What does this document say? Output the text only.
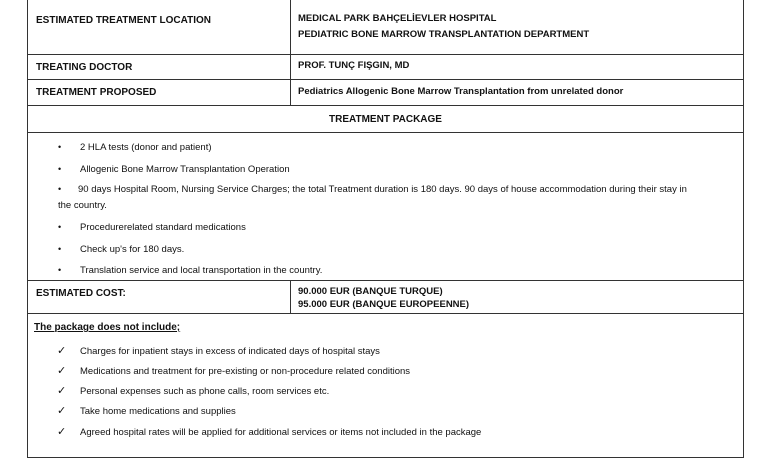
ESTIMATED TREATMENT LOCATION	MEDICAL PARK BAHÇELİEVLER HOSPITAL
PEDIATRIC BONE MARROW TRANSPLANTATION DEPARTMENT
TREATING DOCTOR	PROF. TUNÇ FIŞGIN, MD
TREATMENT PROPOSED	Pediatrics Allogenic Bone Marrow Transplantation from unrelated donor
TREATMENT PACKAGE
• 2 HLA tests (donor and patient)
• Allogenic Bone Marrow Transplantation Operation
• 90 days Hospital Room, Nursing Service Charges; the total Treatment duration is 180 days. 90 days of house accommodation during their stay in
the country.
• Procedurerelated standard medications
• Check up's for 180 days.
• Translation service and local transportation in the country.
ESTIMATED COST:	90.000 EUR (BANQUE TURQUE)
95.000 EUR (BANQUE EUROPEENNE)
The package does not include;
✓ Charges for inpatient stays in excess of indicated days of hospital stays
✓ Medications and treatment for pre-existing or non-procedure related conditions
✓ Personal expenses such as phone calls, room services etc.
✓ Take home medications and supplies
✓ Agreed hospital rates will be applied for additional services or items not included in the package
